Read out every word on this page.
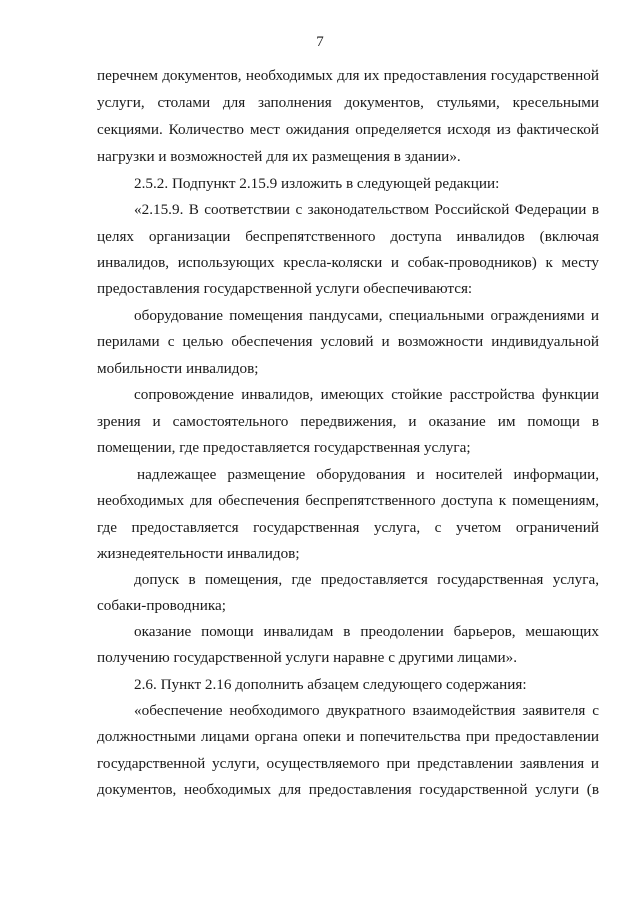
7
перечнем документов, необходимых для их предоставления государственной
услуги, столами для заполнения документов, стульями, кресельными
секциями. Количество мест ожидания определяется исходя из фактической
нагрузки и возможностей для их размещения в здании».
2.5.2. Подпункт 2.15.9 изложить в следующей редакции:
«2.15.9. В соответствии с законодательством Российской Федерации в
целях организации беспрепятственного доступа инвалидов (включая
инвалидов, использующих кресла-коляски и собак-проводников) к месту
предоставления государственной услуги обеспечиваются:
оборудование помещения пандусами, специальными ограждениями и
перилами с целью обеспечения условий и возможности индивидуальной
мобильности инвалидов;
сопровождение инвалидов, имеющих стойкие расстройства функции
зрения и самостоятельного передвижения, и оказание им помощи в
помещении, где предоставляется государственная услуга;
надлежащее размещение оборудования и носителей информации,
необходимых для обеспечения беспрепятственного доступа к помещениям,
где предоставляется государственная услуга, с учетом ограничений
жизнедеятельности инвалидов;
допуск в помещения, где предоставляется государственная услуга,
собаки-проводника;
оказание помощи инвалидам в преодолении барьеров, мешающих
получению государственной услуги наравне с другими лицами».
2.6. Пункт 2.16 дополнить абзацем следующего содержания:
«обеспечение необходимого двукратного взаимодействия заявителя с
должностными лицами органа опеки и попечительства при предоставлении
государственной услуги, осуществляемого при представлении заявления и
документов, необходимых для предоставления государственной услуги (в
